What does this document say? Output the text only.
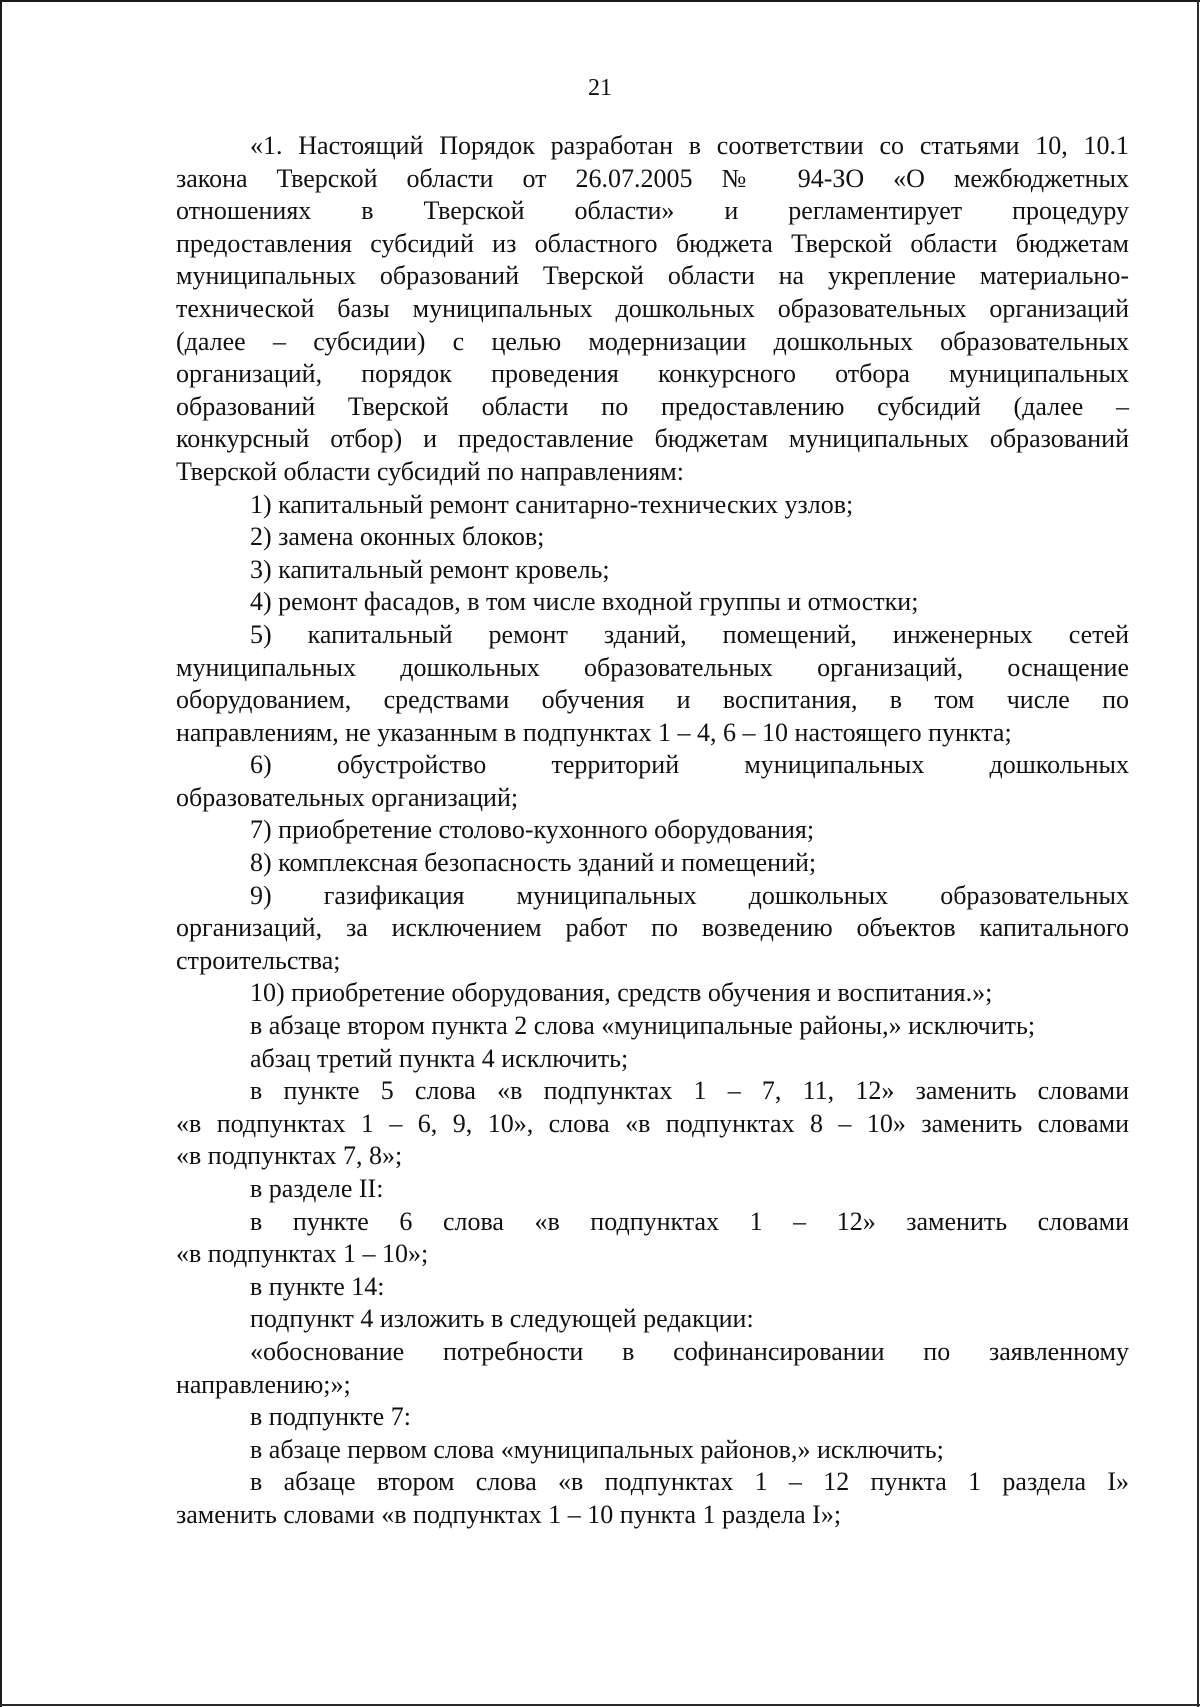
21
«1. Настоящий Порядок разработан в соответствии со статьями 10, 10.1
закона Тверской области от 26.07.2005 № 94-ЗО «О межбюджетных
отношениях в Тверской области» и регламентирует процедуру
предоставления субсидий из областного бюджета Тверской области бюджетам
муниципальных образований Тверской области на укрепление материально-
технической базы муниципальных дошкольных образовательных организаций
(далее – субсидии) с целью модернизации дошкольных образовательных
организаций, порядок проведения конкурсного отбора муниципальных
образований Тверской области по предоставлению субсидий (далее –
конкурсный отбор) и предоставление бюджетам муниципальных образований
Тверской области субсидий по направлениям:
1) капитальный ремонт санитарно-технических узлов;
2) замена оконных блоков;
3) капитальный ремонт кровель;
4) ремонт фасадов, в том числе входной группы и отмостки;
5) капитальный ремонт зданий, помещений, инженерных сетей
муниципальных дошкольных образовательных организаций, оснащение
оборудованием, средствами обучения и воспитания, в том числе по
направлениям, не указанным в подпунктах 1 – 4, 6 – 10 настоящего пункта;
6) обустройство территорий муниципальных дошкольных
образовательных организаций;
7) приобретение столово-кухонного оборудования;
8) комплексная безопасность зданий и помещений;
9) газификация муниципальных дошкольных образовательных
организаций, за исключением работ по возведению объектов капитального
строительства;
10) приобретение оборудования, средств обучения и воспитания.»;
в абзаце втором пункта 2 слова «муниципальные районы,» исключить;
абзац третий пункта 4 исключить;
в пункте 5 слова «в подпунктах 1 – 7, 11, 12» заменить словами
«в подпунктах 1 – 6, 9, 10», слова «в подпунктах 8 – 10» заменить словами
«в подпунктах 7, 8»;
в разделе II:
в пункте 6 слова «в подпунктах 1 – 12» заменить словами
«в подпунктах 1 – 10»;
в пункте 14:
подпункт 4 изложить в следующей редакции:
«обоснование потребности в софинансировании по заявленному
направлению;»;
в подпункте 7:
в абзаце первом слова «муниципальных районов,» исключить;
в абзаце втором слова «в подпунктах 1 – 12 пункта 1 раздела I»
заменить словами «в подпунктах 1 – 10 пункта 1 раздела I»;
